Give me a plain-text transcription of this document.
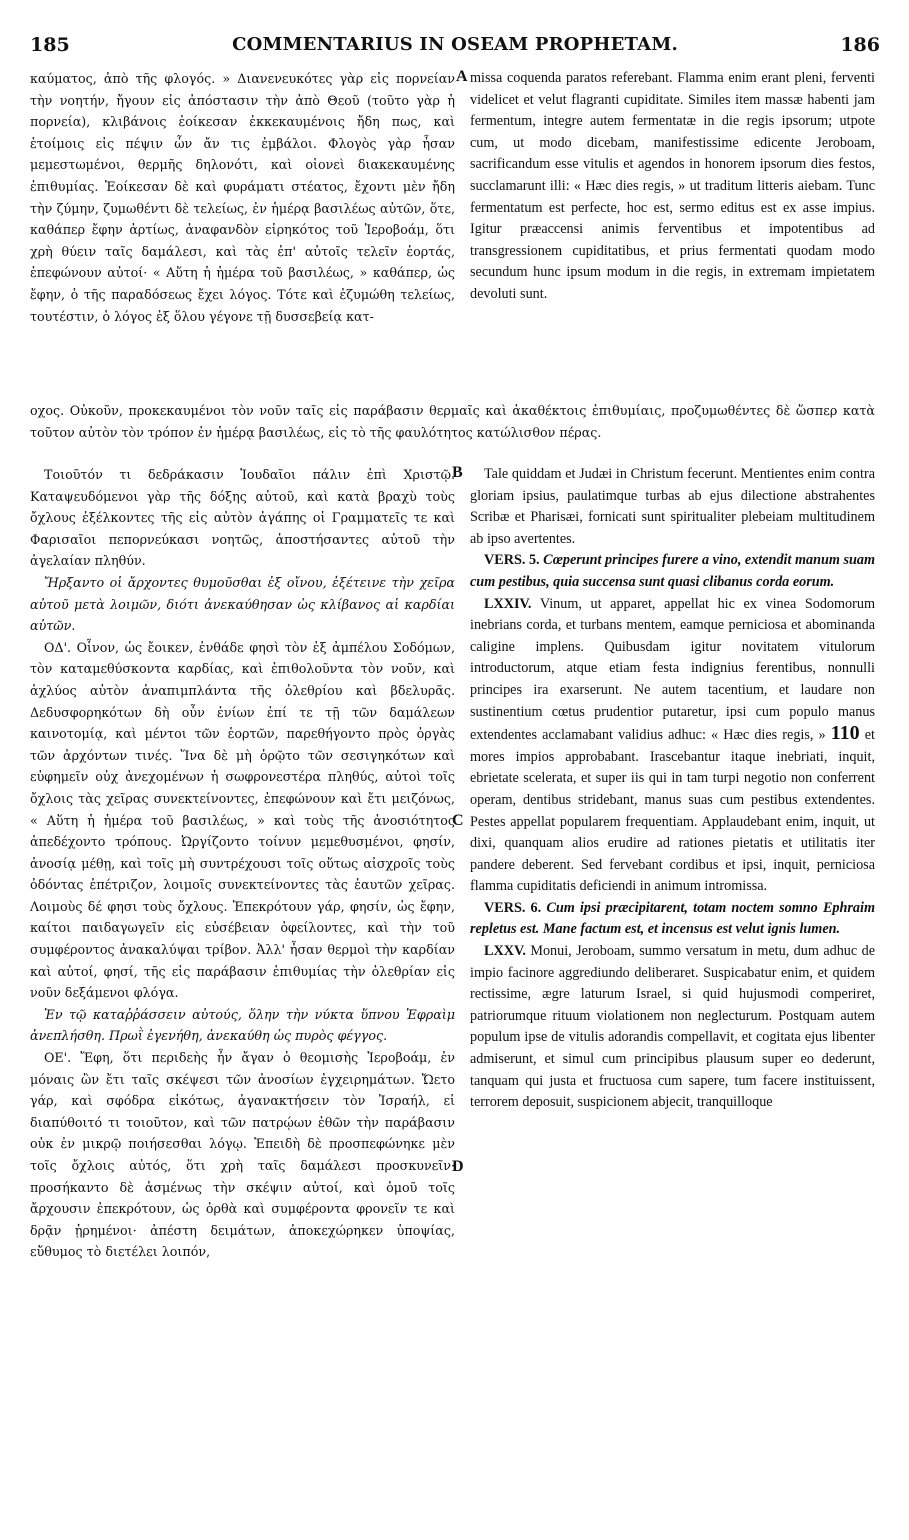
185	COMMENTARIUS IN OSEAM PROPHETAM.	186

καύματος, ἀπὸ τῆς φλογός. » Διανενευκότες γὰρ εἰς πορνείαν τὴν νοητήν, ἤγουν εἰς ἀπόστασιν τὴν ἀπὸ Θεοῦ (τοῦτο γὰρ ἡ πορνεία), κλιβάνοις ἐοίκεσαν ἐκκεκαυμένοις ἤδη πως, καὶ ἑτοίμοις εἰς πέψιν ὧν ἄν τις ἐμβάλοι. Φλογὸς γὰρ ἦσαν μεμεστωμένοι, θερμῆς δηλονότι, καὶ οἱονεὶ διακεκαυμένης ἐπιθυμίας. Ἐοίκεσαν δὲ καὶ φυράματι στέατος, ἔχοντι μὲν ἤδη τὴν ζύμην, ζυμωθέντι δὲ τελείως, ἐν ἡμέρᾳ βασιλέως αὐτῶν, ὅτε, καθάπερ ἔφην ἀρτίως, ἀναφανδὸν εἰρηκότος τοῦ Ἱεροβοάμ, ὅτι χρὴ θύειν ταῖς δαμάλεσι, καὶ τὰς ἐπ' αὐτοῖς τελεῖν ἑορτάς, ἐπεφώνουν αὐτοί· « Αὕτη ἡ ἡμέρα τοῦ βασιλέως, » καθάπερ, ὡς ἔφην, ὁ τῆς παραδόσεως ἔχει λόγος. Τότε καὶ ἐζυμώθη τελείως, τουτέστιν, ὁ λόγος ἐξ ὅλου γέγονε τῇ δυσσεβείᾳ κατ-

A missa coquenda paratos referebant. Flamma enim erant pleni, ferventi videlicet et velut flagranti cupiditate. Similes item massæ habenti jam fermentum, integre autem fermentatæ in die regis ipsorum; utpote cum, ut modo dicebam, manifestissime edicente Jeroboam, sacrificandum esse vitulis et agendos in honorem ipsorum dies festos, succlamarunt illi: « Hæc dies regis, » ut traditum litteris aiebam. Tunc fermentatum est perfecte, hoc est, sermo editus est ex asse impius. Igitur præaccensi animis ferventibus et impotentibus ad transgressionem cupiditatibus, et prius fermentati quodam modo secundum hunc ipsum modum in die regis, in extremam impietatem devoluti sunt.

οχος. Οὐκοῦν, προκεκαυμένοι τὸν νοῦν ταῖς εἰς παράβασιν θερμαῖς καὶ ἀκαθέκτοις ἐπιθυμίαις, προζυμωθέντες δὲ ὥσπερ κατὰ τοῦτον αὐτὸν τὸν τρόπον ἐν ἡμέρᾳ βασιλέως, εἰς τὸ τῆς φαυλότητος κατώλισθον πέρας.

Τοιοῦτόν τι δεδράκασιν Ἰουδαῖοι πάλιν ἐπὶ Χριστῷ. Καταψευδόμενοι γὰρ τῆς δόξης αὐτοῦ, καὶ κατὰ βραχὺ τοὺς ὄχλους ἐξέλκοντες τῆς εἰς αὐτὸν ἀγάπης οἱ Γραμματεῖς τε καὶ Φαρισαῖοι πεπορνεύκασι νοητῶς, ἀποστήσαντες αὐτοῦ τὴν ἀγελαίαν πληθύν.

Ἤρξαντο οἱ ἄρχοντες θυμοῦσθαι ἐξ οἴνου, ἐξέτεινε τὴν χεῖρα αὐτοῦ μετὰ λοιμῶν, διότι ἀνεκαύθησαν ὡς κλίβανος αἱ καρδίαι αὐτῶν.

ΟΔ'. Οἶνον, ὡς ἔοικεν, ἐνθάδε φησὶ τὸν ἐξ ἀμπέλου Σοδόμων, τὸν καταμεθύσκοντα καρδίας, καὶ ἐπιθολοῦντα τὸν νοῦν, καὶ ἀχλύος αὐτὸν ἀναπιμπλάντα τῆς ὀλεθρίου καὶ βδελυρᾶς. Δεδυσφορηκότων δὴ οὖν ἐνίων ἐπί τε τῇ τῶν δαμάλεων καινοτομίᾳ, καὶ μέντοι τῶν ἑορτῶν, παρεθήγοντο πρὸς ὀργὰς τῶν ἀρχόντων τινές. Ἵνα δὲ μὴ ὁρῷτο τῶν σεσιγηκότων καὶ εὐφημεῖν οὐχ ἀνεχομένων ἡ σωφρονεστέρα πληθύς, αὐτοὶ τοῖς ὄχλοις τὰς χεῖρας συνεκτείνοντες, ἐπεφώνουν καὶ ἔτι μειζόνως, « Αὕτη ἡ ἡμέρα τοῦ βασιλέως, » καὶ τοὺς τῆς ἀνοσιότητος ἀπεδέχοντο τρόπους. Ὠργίζοντο τοίνυν μεμεθυσμένοι, φησίν, ἀνοσίᾳ μέθῃ, καὶ τοῖς μὴ συντρέχουσι τοῖς οὕτως αἰσχροῖς τοὺς ὀδόντας ἐπέτριζον, λοιμοῖς συνεκτείνοντες τὰς ἑαυτῶν χεῖρας. Λοιμοὺς δέ φησι τοὺς ὄχλους. Ἐπεκρότουν γάρ, φησίν, ὡς ἔφην, καίτοι παιδαγωγεῖν εἰς εὐσέβειαν ὀφείλοντες, καὶ τὴν τοῦ συμφέροντος ἀνακαλύψαι τρίβον. Ἀλλ' ἦσαν θερμοὶ τὴν καρδίαν καὶ αὐτοί, φησί, τῆς εἰς παράβασιν ἐπιθυμίας τὴν ὀλεθρίαν εἰς νοῦν δεξάμενοι φλόγα.

Ἐν τῷ καταῤῥάσσειν αὐτούς, ὅλην τὴν νύκτα ὕπνου Ἐφραὶμ ἀνεπλήσθη. Πρωῒ ἐγενήθη, ἀνεκαύθη ὡς πυρὸς φέγγος.

ΟΕ'. Ἔφη, ὅτι περιδεὴς ἦν ἄγαν ὁ θεομισὴς Ἱεροβοάμ, ἐν μόναις ὢν ἔτι ταῖς σκέψεσι τῶν ἀνοσίων ἐγχειρημάτων. Ὤετο γάρ, καὶ σφόδρα εἰκότως, ἀγανακτήσειν τὸν Ἰσραήλ, εἰ διαπύθοιτό τι τοιοῦτον, καὶ τῶν πατρῴων ἐθῶν τὴν παράβασιν οὐκ ἐν μικρῷ ποιήσεσθαι λόγῳ. Ἐπειδὴ δὲ προσπεφώνηκε μὲν τοῖς ὄχλοις αὐτός, ὅτι χρὴ ταῖς δαμάλεσι προσκυνεῖν· προσήκαντο δὲ ἀσμένως τὴν σκέψιν αὐτοί, καὶ ὁμοῦ τοῖς ἄρχουσιν ἐπεκρότουν, ὡς ὀρθὰ καὶ συμφέροντα φρονεῖν τε καὶ δρᾷν ᾑρημένοι· ἀπέστη δειμάτων, ἀποκεχώρηκεν ὑποψίας, εὔθυμος τὸ διετέλει λοιπόν,

B
C
D

Tale quiddam et Judæi in Christum fecerunt. Mentientes enim contra gloriam ipsius, paulatimque turbas ab ejus dilectione abstrahentes Scribæ et Pharisæi, fornicati sunt spiritualiter plebeiam multitudinem ab ipso avertentes.

VERS. 5. Cœperunt principes furere a vino, extendit manum suam cum pestibus, quia succensa sunt quasi clibanus corda eorum.

LXXIV. Vinum, ut apparet, appellat hic ex vinea Sodomorum inebrians corda, et turbans mentem, eamque perniciosa et abominanda caligine implens. Quibusdam igitur novitatem vitulorum introductorum, atque etiam festa indignius ferentibus, nonnulli principes ira exarserunt. Ne autem tacentium, et laudare non sustinentium cœtus prudentior putaretur, ipsi cum populo manus extendentes acclamabant validius adhuc: « Hæc dies regis, » 110 et mores impios approbabant. Irascebantur itaque inebriati, inquit, ebrietate scelerata, et super iis qui in tam turpi negotio non conferrent operam, dentibus stridebant, manus suas cum pestibus extendentes. Pestes appellat popularem frequentiam. Applaudebant enim, inquit, ut dixi, quanquam alios erudire ad rationes pietatis et utilitatis iter pandere deberent. Sed fervebant cordibus et ipsi, inquit, perniciosa flamma cupiditatis deficiendi in animum intromissa.

VERS. 6. Cum ipsi præcipitarent, totam noctem somno Ephraim repletus est. Mane factum est, et incensus est velut ignis lumen.

LXXV. Monui, Jeroboam, summo versatum in metu, dum adhuc de impio facinore aggrediundo deliberaret. Suspicabatur enim, et quidem rectissime, ægre laturum Israel, si quid hujusmodi comperiret, patriorumque rituum violationem non neglecturum. Postquam autem populum ipse de vitulis adorandis compellavit, et cogitata ejus libenter admiserunt, et simul cum principibus plausum super eo dederunt, tanquam qui justa et fructuosa cum sapere, tum facere instituissent, terrorem deposuit, suspicionem abjecit, tranquilloque
